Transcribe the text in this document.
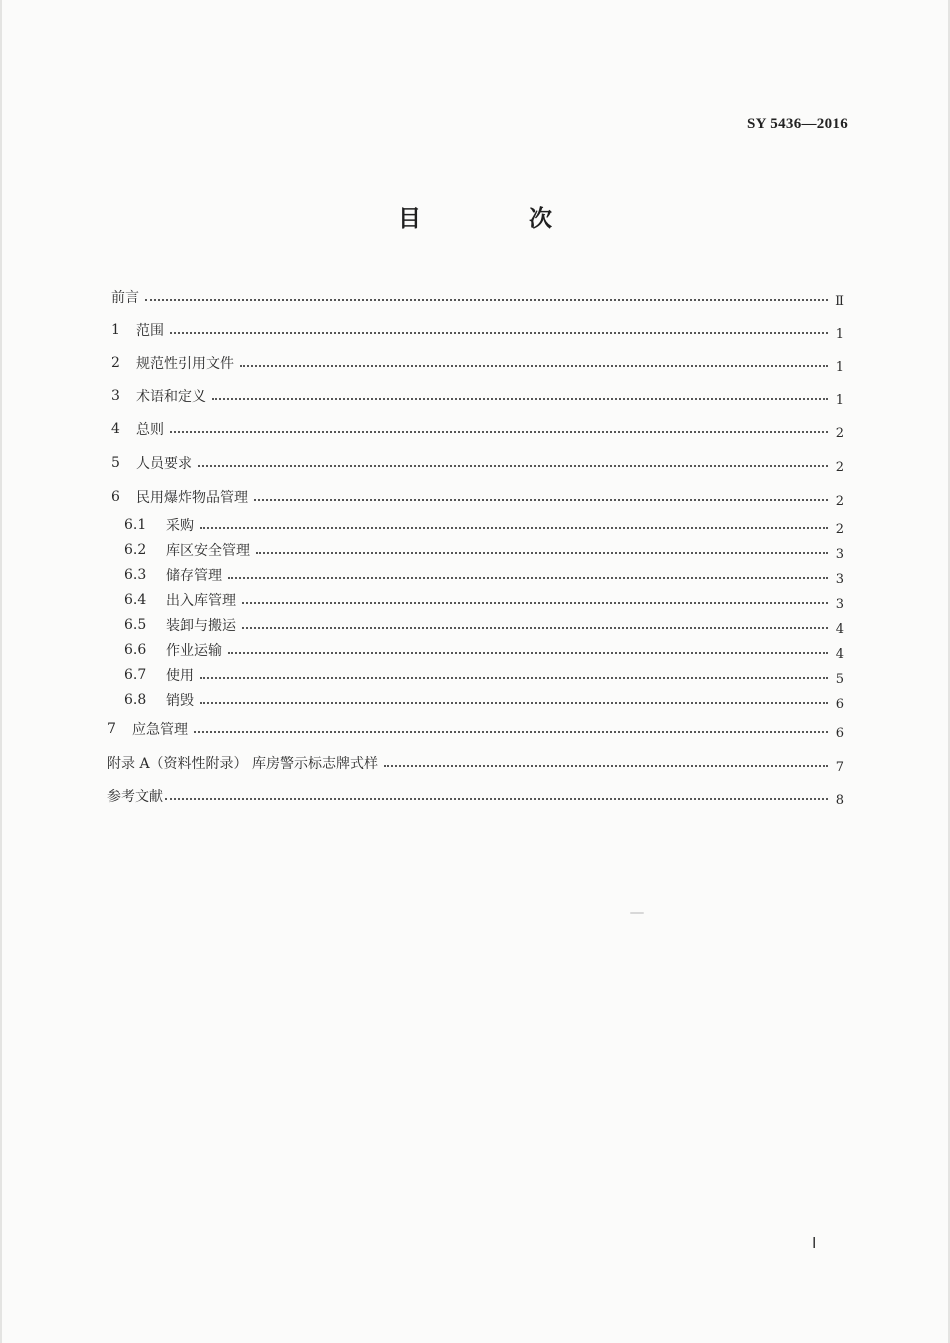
SY 5436—2016
目 次
前言	Ⅱ
1	范围	1
2	规范性引用文件	1
3	术语和定义	1
4	总则	2
5	人员要求	2
6	民用爆炸物品管理	2
6.1	采购	2
6.2	库区安全管理	3
6.3	储存管理	3
6.4	出入库管理	3
6.5	装卸与搬运	4
6.6	作业运输	4
6.7	使用	5
6.8	销毁	6
7	应急管理	6
附录 A（资料性附录） 库房警示标志牌式样	7
参考文献	8
Ⅰ
